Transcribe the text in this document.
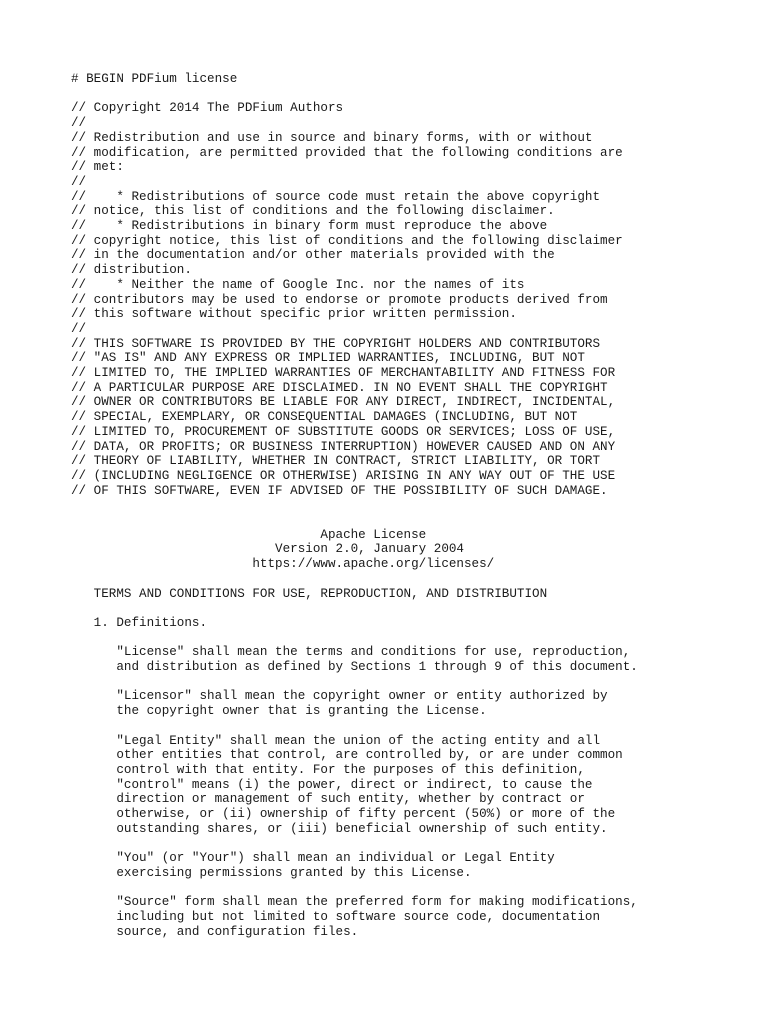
# BEGIN PDFium license
// Copyright 2014 The PDFium Authors
//
// Redistribution and use in source and binary forms, with or without
// modification, are permitted provided that the following conditions are
// met:
//
//    * Redistributions of source code must retain the above copyright
// notice, this list of conditions and the following disclaimer.
//    * Redistributions in binary form must reproduce the above
// copyright notice, this list of conditions and the following disclaimer
// in the documentation and/or other materials provided with the
// distribution.
//    * Neither the name of Google Inc. nor the names of its
// contributors may be used to endorse or promote products derived from
// this software without specific prior written permission.
//
// THIS SOFTWARE IS PROVIDED BY THE COPYRIGHT HOLDERS AND CONTRIBUTORS
// "AS IS" AND ANY EXPRESS OR IMPLIED WARRANTIES, INCLUDING, BUT NOT
// LIMITED TO, THE IMPLIED WARRANTIES OF MERCHANTABILITY AND FITNESS FOR
// A PARTICULAR PURPOSE ARE DISCLAIMED. IN NO EVENT SHALL THE COPYRIGHT
// OWNER OR CONTRIBUTORS BE LIABLE FOR ANY DIRECT, INDIRECT, INCIDENTAL,
// SPECIAL, EXEMPLARY, OR CONSEQUENTIAL DAMAGES (INCLUDING, BUT NOT
// LIMITED TO, PROCUREMENT OF SUBSTITUTE GOODS OR SERVICES; LOSS OF USE,
// DATA, OR PROFITS; OR BUSINESS INTERRUPTION) HOWEVER CAUSED AND ON ANY
// THEORY OF LIABILITY, WHETHER IN CONTRACT, STRICT LIABILITY, OR TORT
// (INCLUDING NEGLIGENCE OR OTHERWISE) ARISING IN ANY WAY OUT OF THE USE
// OF THIS SOFTWARE, EVEN IF ADVISED OF THE POSSIBILITY OF SUCH DAMAGE.
Apache License
Version 2.0, January 2004
https://www.apache.org/licenses/
TERMS AND CONDITIONS FOR USE, REPRODUCTION, AND DISTRIBUTION
1. Definitions.
"License" shall mean the terms and conditions for use, reproduction,
and distribution as defined by Sections 1 through 9 of this document.
"Licensor" shall mean the copyright owner or entity authorized by
the copyright owner that is granting the License.
"Legal Entity" shall mean the union of the acting entity and all
other entities that control, are controlled by, or are under common
control with that entity. For the purposes of this definition,
"control" means (i) the power, direct or indirect, to cause the
direction or management of such entity, whether by contract or
otherwise, or (ii) ownership of fifty percent (50%) or more of the
outstanding shares, or (iii) beneficial ownership of such entity.
"You" (or "Your") shall mean an individual or Legal Entity
exercising permissions granted by this License.
"Source" form shall mean the preferred form for making modifications,
including but not limited to software source code, documentation
source, and configuration files.
